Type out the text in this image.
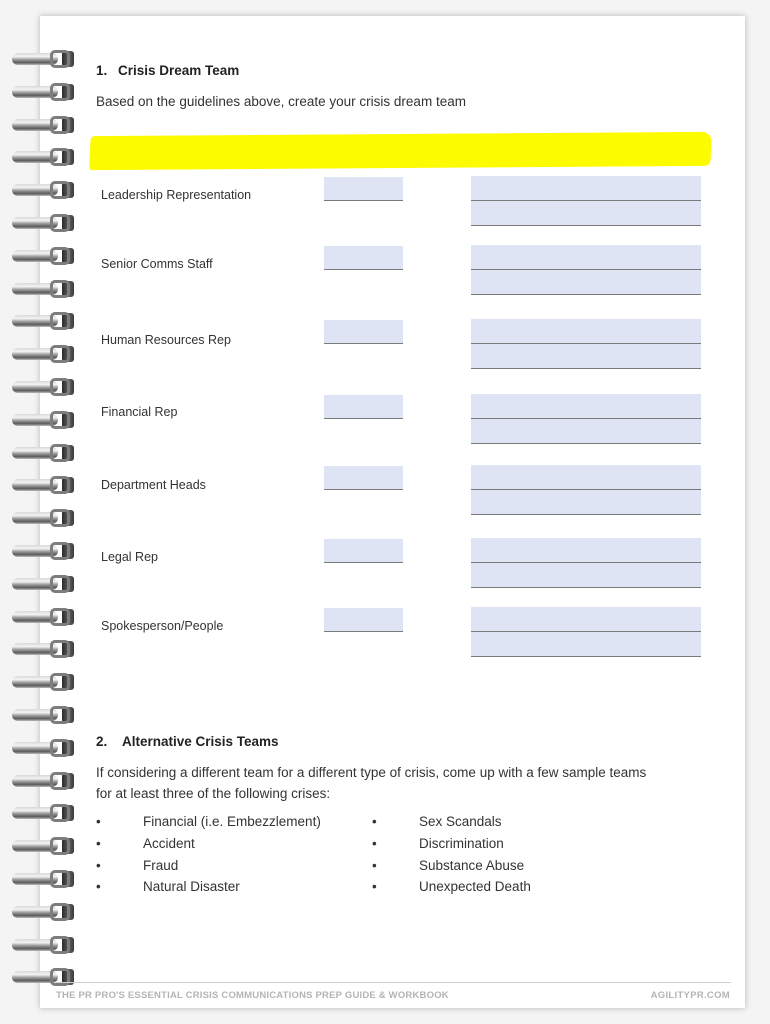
1. Crisis Dream Team
Based on the guidelines above, create your crisis dream team
Leadership Representation
Senior Comms Staff
Human Resources Rep
Financial Rep
Department Heads
Legal Rep
Spokesperson/People
2. Alternative Crisis Teams
If considering a different team for a different type of crisis, come up with a few sample teams
for at least three of the following crises:
•	Financial (i.e. Embezzlement)
•	Accident
•	Fraud
•	Natural Disaster
•	Sex Scandals
•	Discrimination
•	Substance Abuse
•	Unexpected Death
THE PR PRO'S ESSENTIAL CRISIS COMMUNICATIONS PREP GUIDE & WORKBOOK	AGILITYPR.COM
